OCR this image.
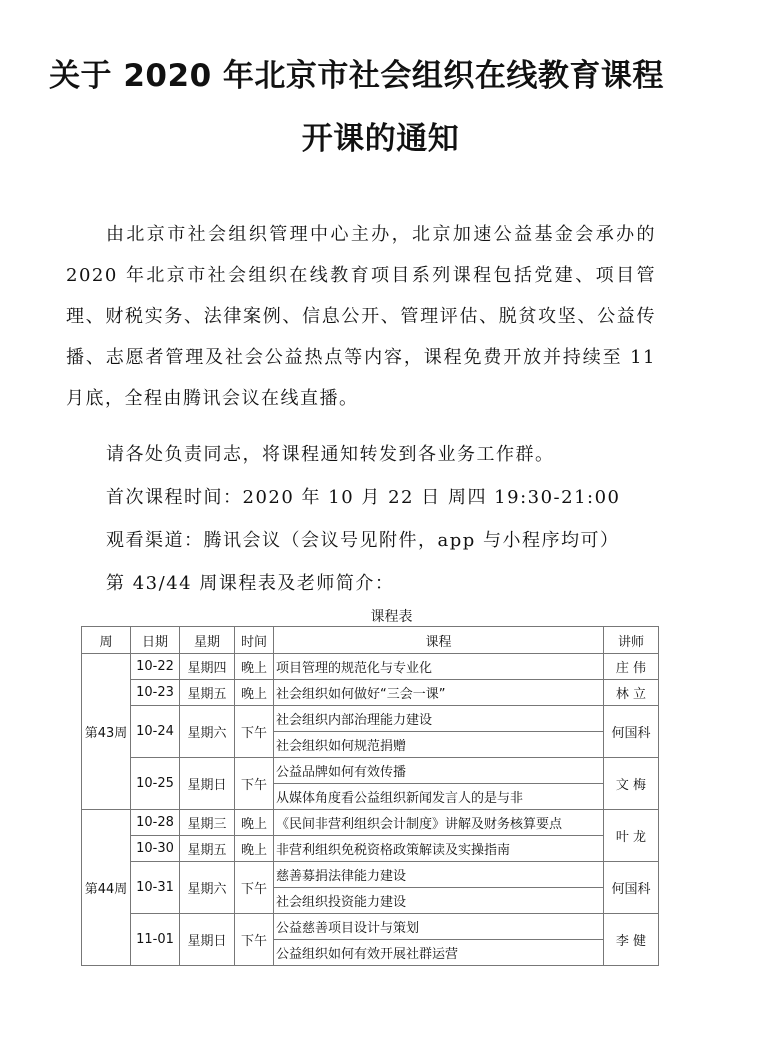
关于 2020 年北京市社会组织在线教育课程
开课的通知
由北京市社会组织管理中心主办，北京加速公益基金会承办的 2020 年北京市社会组织在线教育项目系列课程包括党建、项目管理、财税实务、法律案例、信息公开、管理评估、脱贫攻坚、公益传播、志愿者管理及社会公益热点等内容，课程免费开放并持续至 11 月底，全程由腾讯会议在线直播。
请各处负责同志，将课程通知转发到各业务工作群。
首次课程时间：2020 年 10 月 22 日 周四 19:30-21:00
观看渠道：腾讯会议（会议号见附件，app 与小程序均可）
第 43/44 周课程表及老师简介：
课程表
周	日期	星期	时间	课程	讲师
第43周	10-22	星期四	晚上	项目管理的规范化与专业化	庄 伟
	10-23	星期五	晚上	社会组织如何做好“三会一课”	林 立
	10-24	星期六	下午	社会组织内部治理能力建设	何国科
				社会组织如何规范捐赠	
	10-25	星期日	下午	公益品牌如何有效传播	文 梅
				从媒体角度看公益组织新闻发言人的是与非	
第44周	10-28	星期三	晚上	《民间非营利组织会计制度》讲解及财务核算要点	叶 龙
	10-30	星期五	晚上	非营利组织免税资格政策解读及实操指南	
	10-31	星期六	下午	慈善募捐法律能力建设	何国科
				社会组织投资能力建设	
	11-01	星期日	下午	公益慈善项目设计与策划	李 健
				公益组织如何有效开展社群运营	
